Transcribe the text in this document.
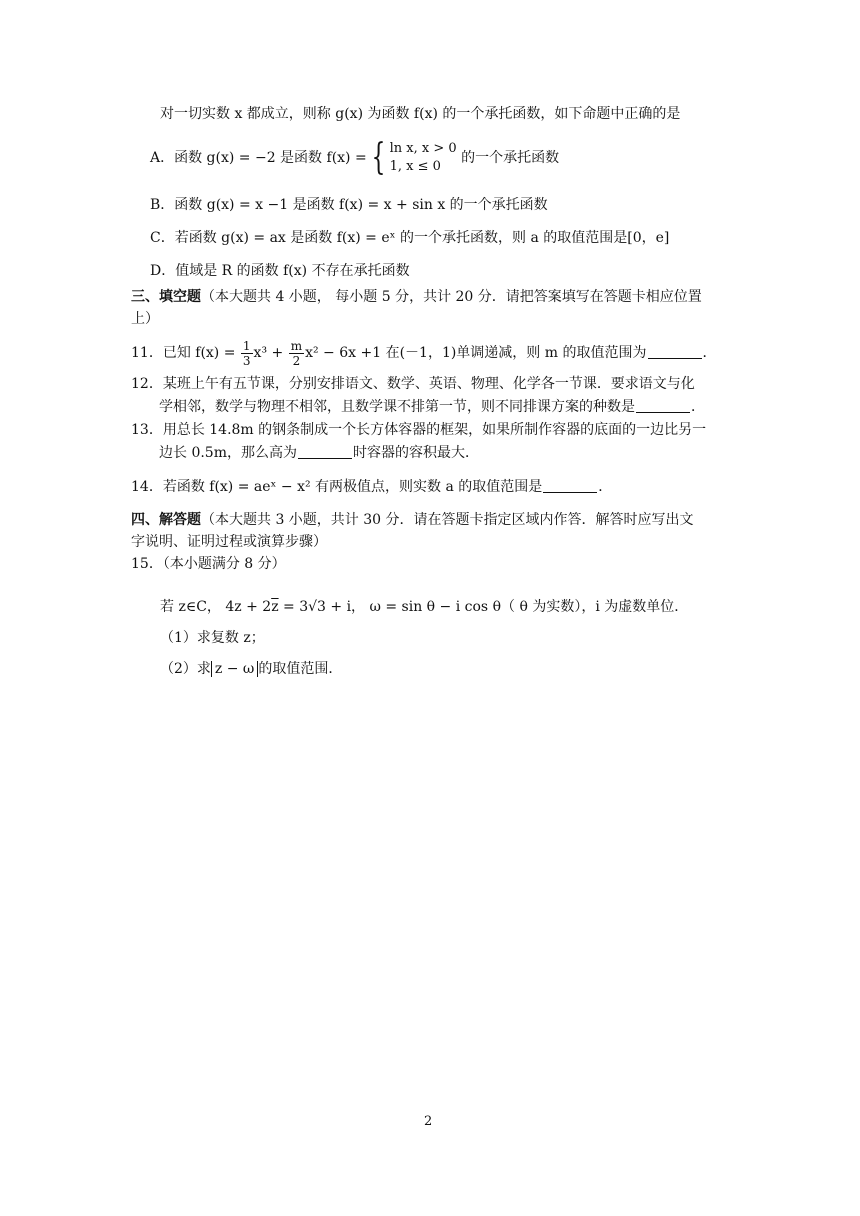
对一切实数 x 都成立，则称 g(x) 为函数 f(x) 的一个承托函数，如下命题中正确的是
A．函数 g(x) = −2 是函数 f(x) = { ln x, x > 0
1, x ≤ 0
的一个承托函数
B．函数 g(x) = x −1 是函数 f(x) = x + sin x 的一个承托函数
C．若函数 g(x) = ax 是函数 f(x) = eˣ 的一个承托函数，则 a 的取值范围是[0，e]
D．值域是 R 的函数 f(x) 不存在承托函数
三、填空题（本大题共 4 小题， 每小题 5 分，共计 20 分．请把答案填写在答题卡相应位置
上）
11．已知 $f(x) = \frac{1}{3} x^3 + \frac{m}{2} x^2 - 6x +1$ 在(－1，1)单调递减，则 m 的取值范围为	．
12．某班上午有五节课，分别安排语文、数学、英语、物理、化学各一节课．要求语文与化
学相邻，数学与物理不相邻，且数学课不排第一节，则不同排课方案的种数是	．
13．用总长 14.8m 的钢条制成一个长方体容器的框架，如果所制作容器的底面的一边比另一
边长 0.5m，那么高为	时容器的容积最大．
14．若函数 f(x) = aeˣ − x² 有两极值点，则实数 a 的取值范围是	．
四、解答题（本大题共 3 小题，共计 30 分．请在答题卡指定区域内作答．解答时应写出文
字说明、证明过程或演算步骤）
15．（本小题满分 8 分）
若 z∈C， $4z + 2\overline{z} = 3√3 + i$， ω = sin θ − i cos θ（ θ 为实数），i 为虚数单位．
（1）求复数 z；
（2）求 z − ω 的取值范围．
2
